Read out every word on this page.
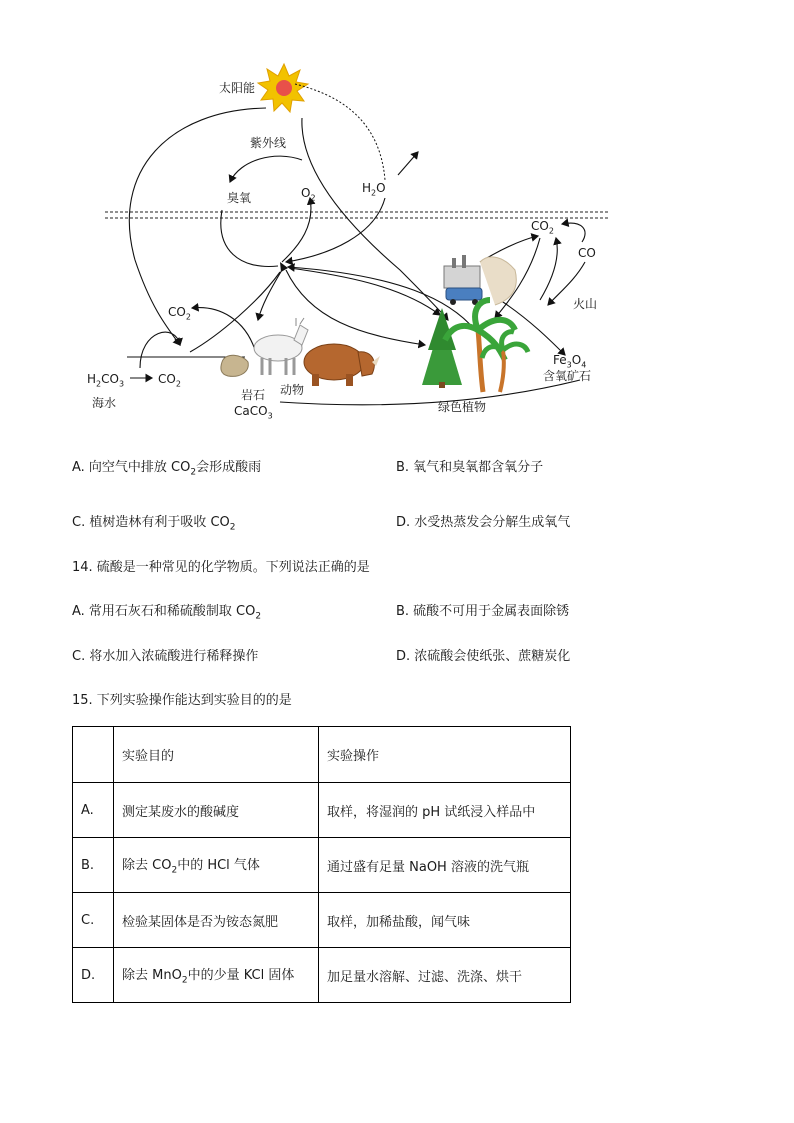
太阳能
紫外线
臭氧	$O_2$
$H_2O$
$CO_2$
CO
火山
$Fe_3O_4$
含氧矿石
$CO_2$
$H_2CO_3$	$CO_2$
海水
岩石
CaCO$_3$
动物
绿色植物
A. 向空气中排放 $CO_2$会形成酸雨	B. 氧气和臭氧都含氧分子
C. 植树造林有利于吸收 $CO_2$	D. 水受热蒸发会分解生成氧气
14. 硫酸是一种常见的化学物质。下列说法正确的是
A. 常用石灰石和稀硫酸制取 $CO_2$	B. 硫酸不可用于金属表面除锈
C. 将水加入浓硫酸进行稀释操作	D. 浓硫酸会使纸张、蔗糖炭化
15. 下列实验操作能达到实验目的的是
	实验目的	实验操作
A.	测定某废水的酸碱度	取样，将湿润的 pH 试纸浸入样品中
B.	除去 $CO_2$中的 HCl 气体	通过盛有足量 NaOH 溶液的洗气瓶
C.	检验某固体是否为铵态氮肥	取样，加稀盐酸，闻气味
D.	除去 MnO$_2$中的少量 KCl 固体	加足量水溶解、过滤、洗涤、烘干
